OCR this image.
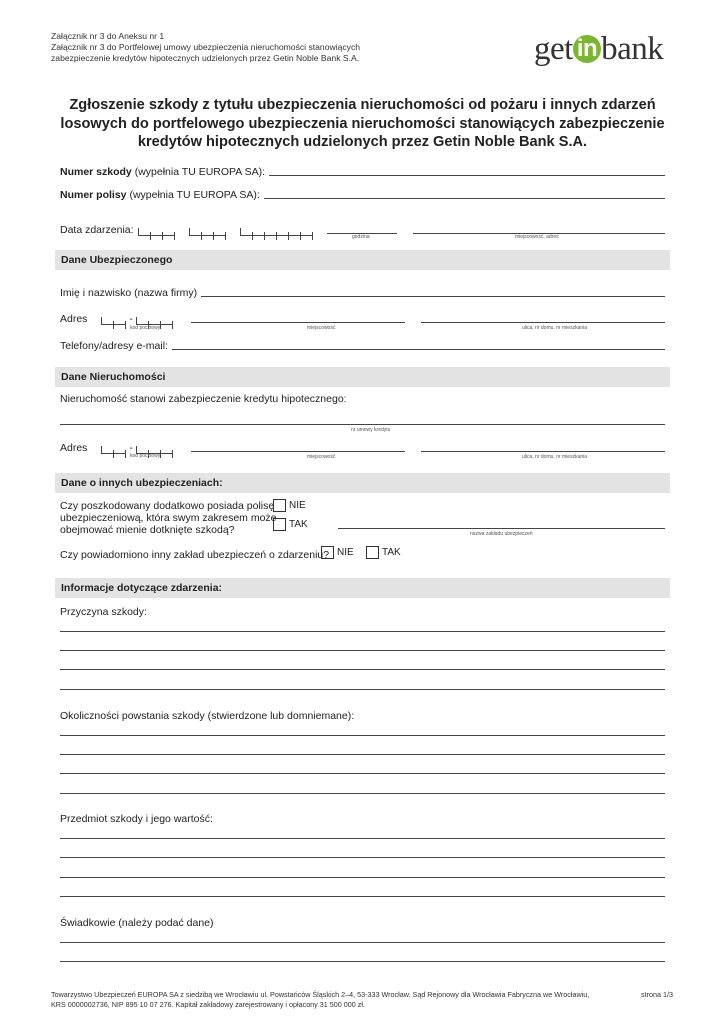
Załącznik nr 3 do Aneksu nr 1
Załącznik nr 3 do Portfelowej umowy ubezpieczenia nieruchomości stanowiących
zabezpieczenie kredytów hipotecznych udzielonych przez Getin Noble Bank S.A.	get in bank
Zgłoszenie szkody z tytułu ubezpieczenia nieruchomości od pożaru i innych zdarzeń losowych do portfelowego ubezpieczenia nieruchomości stanowiących zabezpieczenie kredytów hipotecznych udzielonych przez Getin Noble Bank S.A.
Numer szkody (wypełnia TU EUROPA SA):
Numer polisy (wypełnia TU EUROPA SA):
Data zdarzenia:
godzina	miejscowość, adres
Dane Ubezpieczonego
Imię i nazwisko (nazwa firmy)
Adres	-
kod pocztowy	miejscowość	ulica, nr domu, nr mieszkania
Telefony/adresy e-mail:
Dane Nieruchomości
Nieruchomość stanowi zabezpieczenie kredytu hipotecznego:
nr umowy kredytu
Adres	-
kod pocztowy	miejscowość	ulica, nr domu, nr mieszkania
Dane o innych ubezpieczeniach:
Czy poszkodowany dodatkowo posiada polisę
ubezpieczeniową, która swym zakresem może
obejmować mienie dotknięte szkodą?
NIE
TAK
nazwa zakładu ubezpieczeń
Czy powiadomiono inny zakład ubezpieczeń o zdarzeniu? NIE	TAK
Informacje dotyczące zdarzenia:
Przyczyna szkody:
Okoliczności powstania szkody (stwierdzone lub domniemane):
Przedmiot szkody i jego wartość:
Świadkowie (należy podać dane)
Towarzystwo Ubezpieczeń EUROPA SA z siedzibą we Wrocławiu ul. Powstańców Śląskich 2–4, 53-333 Wrocław. Sąd Rejonowy dla Wrocławia Fabryczna we Wrocławiu,
KRS 0000002736, NIP 895 10 07 276. Kapitał zakładowy zarejestrowany i opłacony 31 500 000 zł.
strona 1/3
